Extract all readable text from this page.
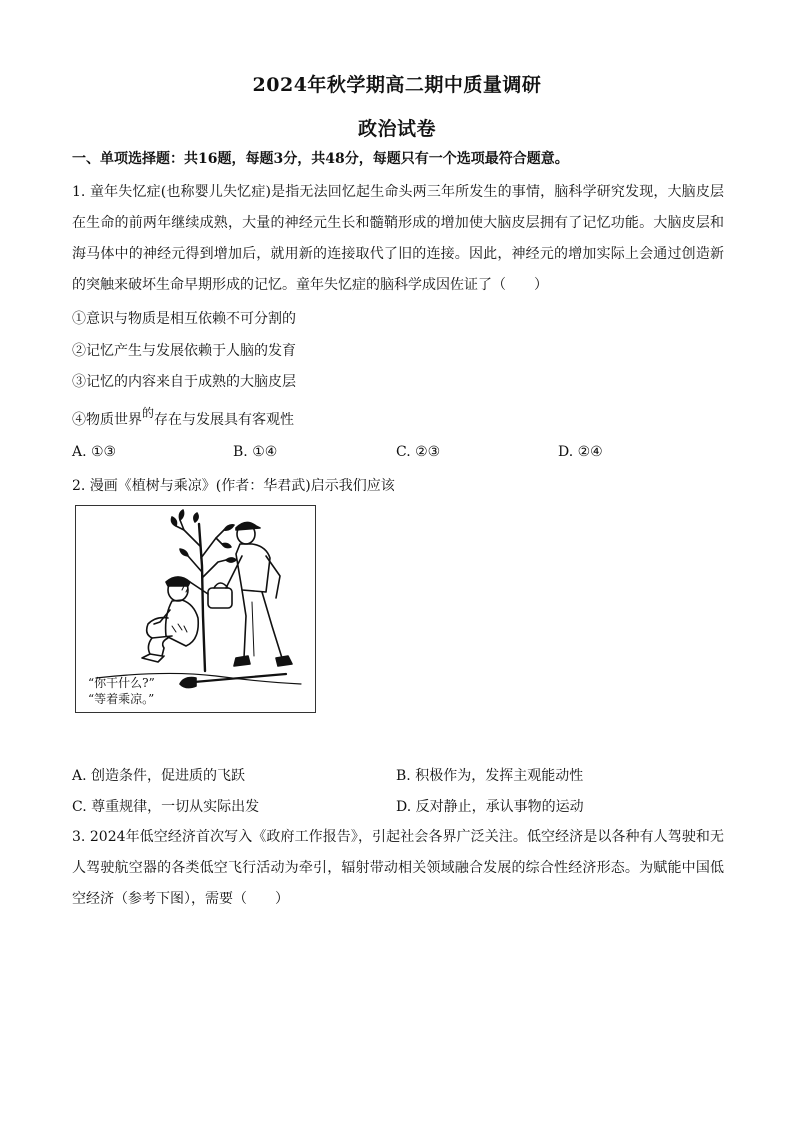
2024年秋学期高二期中质量调研
政治试卷
一、单项选择题：共16题，每题3分，共48分，每题只有一个选项最符合题意。
1. 童年失忆症(也称婴儿失忆症)是指无法回忆起生命头两三年所发生的事情，脑科学研究发现，大脑皮层在生命的前两年继续成熟，大量的神经元生长和髓鞘形成的增加使大脑皮层拥有了记忆功能。大脑皮层和海马体中的神经元得到增加后，就用新的连接取代了旧的连接。因此，神经元的增加实际上会通过创造新的突触来破坏生命早期形成的记忆。童年失忆症的脑科学成因佐证了（　　）
①意识与物质是相互依赖不可分割的
②记忆产生与发展依赖于人脑的发育
③记忆的内容来自于成熟的大脑皮层
④物质世界的存在与发展具有客观性
A. ①③	B. ①④	C. ②③	D. ②④
2. 漫画《植树与乘凉》(作者：华君武)启示我们应该
“你干什么?”
“等着乘凉。”
A. 创造条件，促进质的飞跃	B. 积极作为，发挥主观能动性
C. 尊重规律，一切从实际出发	D. 反对静止，承认事物的运动
3. 2024年低空经济首次写入《政府工作报告》，引起社会各界广泛关注。低空经济是以各种有人驾驶和无人驾驶航空器的各类低空飞行活动为牵引，辐射带动相关领域融合发展的综合性经济形态。为赋能中国低空经济（参考下图），需要（　　）
